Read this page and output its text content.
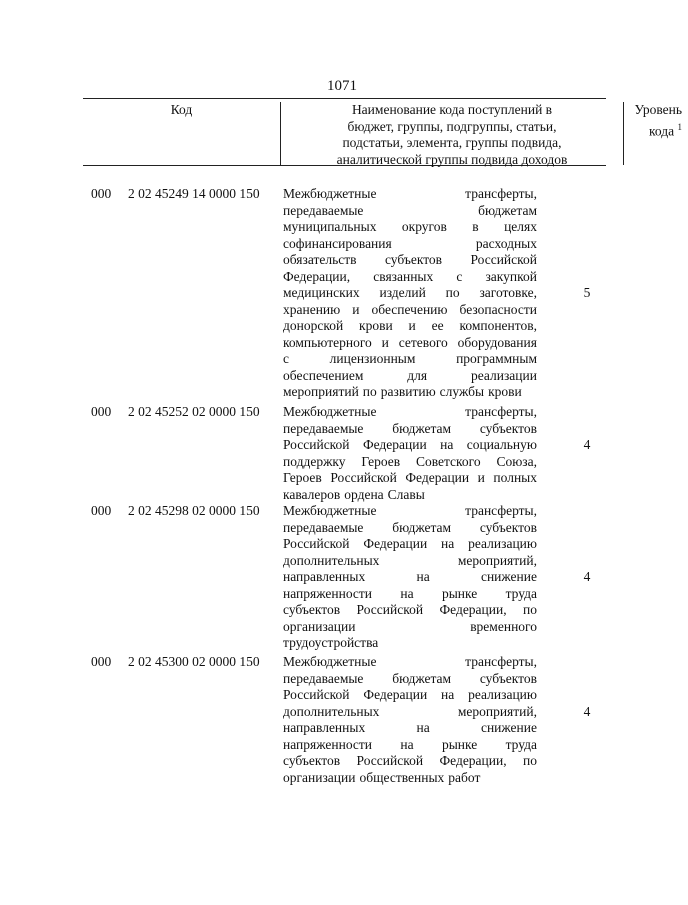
1071
Код	Наименование кода поступлений в
бюджет, группы, подгруппы, статьи,
подстатьи, элемента, группы подвида,
аналитической группы подвида доходов
Уровень
кода $^1$
000 2 02 45249 14 0000 150 Межбюджетные	трансферты,
передаваемые	бюджетам
муниципальных округов в целях
софинансирования	расходных
обязательств субъектов Российской
Федерации, связанных с закупкой
медицинских изделий по заготовке,
хранению и обеспечению безопасности
донорской крови и ее компонентов,
компьютерного и сетевого оборудования
с	лицензионным	программным
обеспечением	для	реализации
мероприятий по развитию службы крови
5
000 2 02 45252 02 0000 150 Межбюджетные	трансферты,
передаваемые бюджетам субъектов
Российской Федерации на социальную
поддержку Героев Советского Союза,
Героев Российской Федерации и полных
кавалеров ордена Славы
4
000 2 02 45298 02 0000 150 Межбюджетные	трансферты,
передаваемые бюджетам субъектов
Российской Федерации на реализацию
дополнительных	мероприятий,
направленных	на	снижение
напряженности на рынке труда
субъектов Российской Федерации, по
организации	временного
трудоустройства
4
000 2 02 45300 02 0000 150 Межбюджетные	трансферты,
передаваемые бюджетам субъектов
Российской Федерации на реализацию
дополнительных	мероприятий,
направленных	на	снижение
напряженности на рынке труда
субъектов Российской Федерации, по
организации общественных работ
4
